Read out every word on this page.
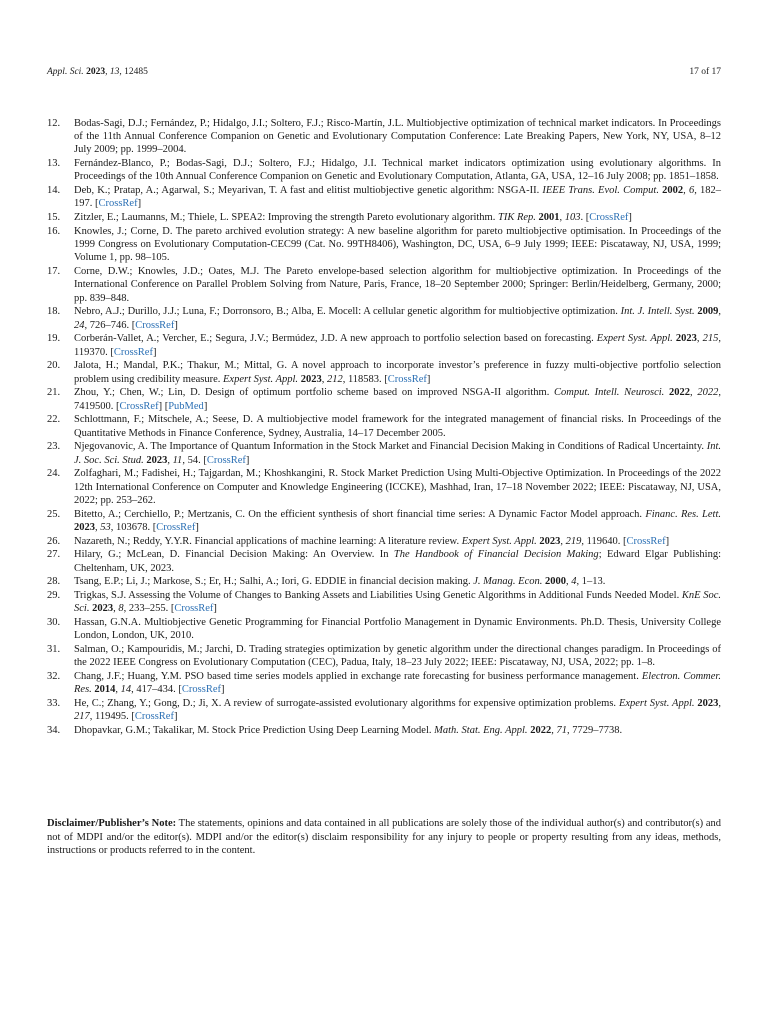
Appl. Sci. 2023, 13, 12485	17 of 17
12. Bodas-Sagi, D.J.; Fernández, P.; Hidalgo, J.I.; Soltero, F.J.; Risco-Martín, J.L. Multiobjective optimization of technical market indicators. In Proceedings of the 11th Annual Conference Companion on Genetic and Evolutionary Computation Conference: Late Breaking Papers, New York, NY, USA, 8–12 July 2009; pp. 1999–2004.
13. Fernández-Blanco, P.; Bodas-Sagi, D.J.; Soltero, F.J.; Hidalgo, J.I. Technical market indicators optimization using evolutionary algorithms. In Proceedings of the 10th Annual Conference Companion on Genetic and Evolutionary Computation, Atlanta, GA, USA, 12–16 July 2008; pp. 1851–1858.
14. Deb, K.; Pratap, A.; Agarwal, S.; Meyarivan, T. A fast and elitist multiobjective genetic algorithm: NSGA-II. IEEE Trans. Evol. Comput. 2002, 6, 182–197. [CrossRef]
15. Zitzler, E.; Laumanns, M.; Thiele, L. SPEA2: Improving the strength Pareto evolutionary algorithm. TIK Rep. 2001, 103. [CrossRef]
16. Knowles, J.; Corne, D. The pareto archived evolution strategy: A new baseline algorithm for pareto multiobjective optimisation. In Proceedings of the 1999 Congress on Evolutionary Computation-CEC99 (Cat. No. 99TH8406), Washington, DC, USA, 6–9 July 1999; IEEE: Piscataway, NJ, USA, 1999; Volume 1, pp. 98–105.
17. Corne, D.W.; Knowles, J.D.; Oates, M.J. The Pareto envelope-based selection algorithm for multiobjective optimization. In Proceedings of the International Conference on Parallel Problem Solving from Nature, Paris, France, 18–20 September 2000; Springer: Berlin/Heidelberg, Germany, 2000; pp. 839–848.
18. Nebro, A.J.; Durillo, J.J.; Luna, F.; Dorronsoro, B.; Alba, E. Mocell: A cellular genetic algorithm for multiobjective optimization. Int. J. Intell. Syst. 2009, 24, 726–746. [CrossRef]
19. Corberán-Vallet, A.; Vercher, E.; Segura, J.V.; Bermúdez, J.D. A new approach to portfolio selection based on forecasting. Expert Syst. Appl. 2023, 215, 119370. [CrossRef]
20. Jalota, H.; Mandal, P.K.; Thakur, M.; Mittal, G. A novel approach to incorporate investor’s preference in fuzzy multi-objective portfolio selection problem using credibility measure. Expert Syst. Appl. 2023, 212, 118583. [CrossRef]
21. Zhou, Y.; Chen, W.; Lin, D. Design of optimum portfolio scheme based on improved NSGA-II algorithm. Comput. Intell. Neurosci. 2022, 2022, 7419500. [CrossRef] [PubMed]
22. Schlottmann, F.; Mitschele, A.; Seese, D. A multiobjective model framework for the integrated management of financial risks. In Proceedings of the Quantitative Methods in Finance Conference, Sydney, Australia, 14–17 December 2005.
23. Njegovanovic, A. The Importance of Quantum Information in the Stock Market and Financial Decision Making in Conditions of Radical Uncertainty. Int. J. Soc. Sci. Stud. 2023, 11, 54. [CrossRef]
24. Zolfaghari, M.; Fadishei, H.; Tajgardan, M.; Khoshkangini, R. Stock Market Prediction Using Multi-Objective Optimization. In Proceedings of the 2022 12th International Conference on Computer and Knowledge Engineering (ICCKE), Mashhad, Iran, 17–18 November 2022; IEEE: Piscataway, NJ, USA, 2022; pp. 253–262.
25. Bitetto, A.; Cerchiello, P.; Mertzanis, C. On the efficient synthesis of short financial time series: A Dynamic Factor Model approach. Financ. Res. Lett. 2023, 53, 103678. [CrossRef]
26. Nazareth, N.; Reddy, Y.Y.R. Financial applications of machine learning: A literature review. Expert Syst. Appl. 2023, 219, 119640. [CrossRef]
27. Hilary, G.; McLean, D. Financial Decision Making: An Overview. In The Handbook of Financial Decision Making; Edward Elgar Publishing: Cheltenham, UK, 2023.
28. Tsang, E.P.; Li, J.; Markose, S.; Er, H.; Salhi, A.; Iori, G. EDDIE in financial decision making. J. Manag. Econ. 2000, 4, 1–13.
29. Trigkas, S.J. Assessing the Volume of Changes to Banking Assets and Liabilities Using Genetic Algorithms in Additional Funds Needed Model. KnE Soc. Sci. 2023, 8, 233–255. [CrossRef]
30. Hassan, G.N.A. Multiobjective Genetic Programming for Financial Portfolio Management in Dynamic Environments. Ph.D. Thesis, University College London, London, UK, 2010.
31. Salman, O.; Kampouridis, M.; Jarchi, D. Trading strategies optimization by genetic algorithm under the directional changes paradigm. In Proceedings of the 2022 IEEE Congress on Evolutionary Computation (CEC), Padua, Italy, 18–23 July 2022; IEEE: Piscataway, NJ, USA, 2022; pp. 1–8.
32. Chang, J.F.; Huang, Y.M. PSO based time series models applied in exchange rate forecasting for business performance management. Electron. Commer. Res. 2014, 14, 417–434. [CrossRef]
33. He, C.; Zhang, Y.; Gong, D.; Ji, X. A review of surrogate-assisted evolutionary algorithms for expensive optimization problems. Expert Syst. Appl. 2023, 217, 119495. [CrossRef]
34. Dhopavkar, G.M.; Takalikar, M. Stock Price Prediction Using Deep Learning Model. Math. Stat. Eng. Appl. 2022, 71, 7729–7738.
Disclaimer/Publisher’s Note: The statements, opinions and data contained in all publications are solely those of the individual author(s) and contributor(s) and not of MDPI and/or the editor(s). MDPI and/or the editor(s) disclaim responsibility for any injury to people or property resulting from any ideas, methods, instructions or products referred to in the content.
